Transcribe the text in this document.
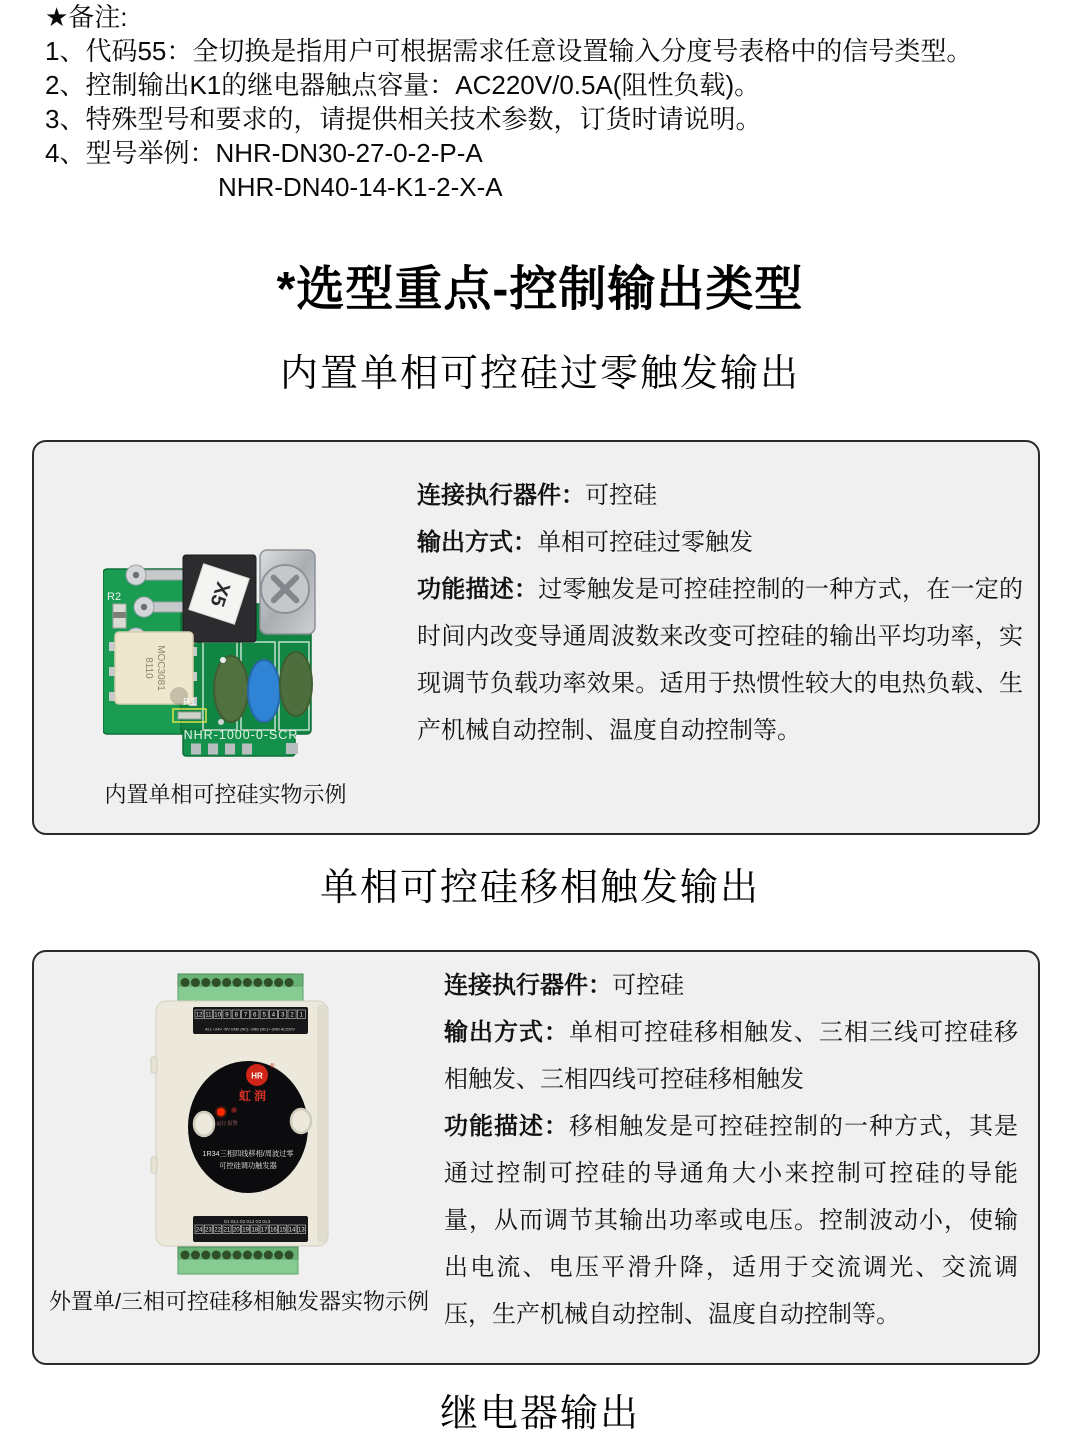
★备注:
1、代码55：全切换是指用户可根据需求任意设置输入分度号表格中的信号类型。
2、控制输出K1的继电器触点容量：AC220V/0.5A(阻性负载)。
3、特殊型号和要求的，请提供相关技术参数，订货时请说明。
4、型号举例：NHR-DN30-27-0-2-P-A
NHR-DN40-14-K1-2-X-A
*选型重点-控制输出类型
内置单相可控硅过零触发输出
R2	X5
MOC3081
8110
R1
NHR-1000-0-SCR
内置单相可控硅实物示例

连接执行器件：可控硅

输出方式：单相可控硅过零触发

功能描述：过零触发是可控硅控制的一种方式，在一定的时间内改变导通周波数来改变可控硅的输出平均功率，实现调节负载功率效果。适用于热惯性较大的电热负载、生产机械自动控制、温度自动控制等。

单相可控硅移相触发输出
12 11 10 9 8 7 6 5 4 3 2 1
AL1 +24V +5V GND (NC)- GND (NC)+ GND AC220V
HR
®
虹润
运行 报警
1R34三相四线移相/周波过零
可控硅调功触发器
G1 GL1 G2 GL2 G3 GL3
24 23 22 21 20 19 18 17 16 15 14 13
外置单/三相可控硅移相触发器实物示例

连接执行器件：可控硅

输出方式：单相可控硅移相触发、三相三线可控硅移相触发、三相四线可控硅移相触发

功能描述：移相触发是可控硅控制的一种方式，其是通过控制可控硅的导通角大小来控制可控硅的导能量，从而调节其输出功率或电压。控制波动小，使输出电流、电压平滑升降，适用于交流调光、交流调压，生产机械自动控制、温度自动控制等。

继电器输出
